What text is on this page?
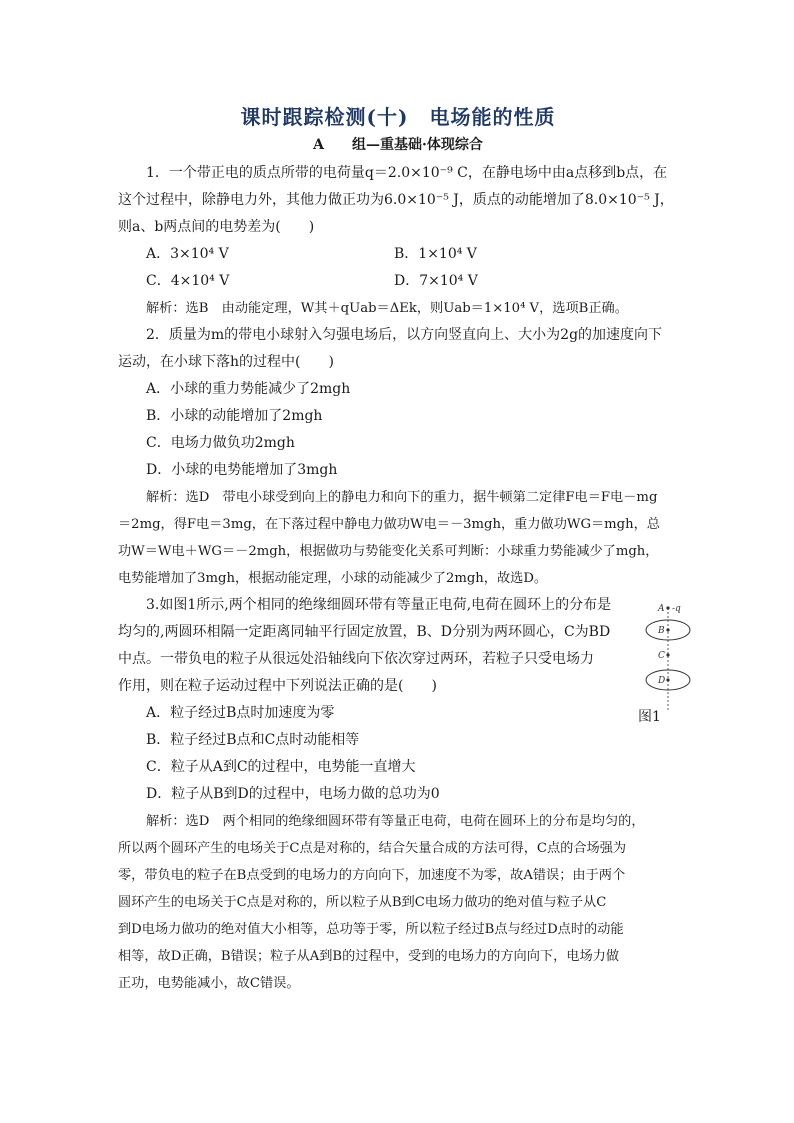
课时跟踪检测(十)　电场能的性质
A 组—重基础·体现综合
1．一个带正电的质点所带的电荷量q＝2.0×10⁻⁹ C，在静电场中由a点移到b点，在
这个过程中，除静电力外，其他力做正功为6.0×10⁻⁵ J，质点的动能增加了8.0×10⁻⁵ J，
则a、b两点间的电势差为(　　)
A．3×10⁴ V	B．1×10⁴ V
C．4×10⁴ V	D．7×10⁴ V
解析：选B　由动能定理，W其＋qUab＝ΔEk，则Uab＝1×10⁴ V，选项B正确。
2．质量为m的带电小球射入匀强电场后，以方向竖直向上、大小为2g的加速度向下
运动，在小球下落h的过程中(　　)
A．小球的重力势能减少了2mgh
B．小球的动能增加了2mgh
C．电场力做负功2mgh
D．小球的电势能增加了3mgh
解析：选D　带电小球受到向上的静电力和向下的重力，据牛顿第二定律F电＝F电－mg
＝2mg，得F电＝3mg，在下落过程中静电力做功W电＝－3mgh，重力做功WG＝mgh，总
功W＝W电＋WG＝－2mgh，根据做功与势能变化关系可判断：小球重力势能减少了mgh，
电势能增加了3mgh，根据动能定理，小球的动能减少了2mgh，故选D。
3.如图1所示,两个相同的绝缘细圆环带有等量正电荷,电荷在圆环上的分布是
均匀的,两圆环相隔一定距离同轴平行固定放置，B、D分别为两环圆心，C为BD
中点。一带负电的粒子从很远处沿轴线向下依次穿过两环，若粒子只受电场力
作用，则在粒子运动过程中下列说法正确的是(　　)
A．粒子经过B点时加速度为零
B．粒子经过B点和C点时动能相等
C．粒子从A到C的过程中，电势能一直增大
D．粒子从B到D的过程中，电场力做的总功为0
解析：选D　两个相同的绝缘细圆环带有等量正电荷，电荷在圆环上的分布是均匀的，
所以两个圆环产生的电场关于C点是对称的，结合矢量合成的方法可得，C点的合场强为
零，带负电的粒子在B点受到的电场力的方向向下，加速度不为零，故A错误；由于两个
圆环产生的电场关于C点是对称的，所以粒子从B到C电场力做功的绝对值与粒子从C
到D电场力做功的绝对值大小相等，总功等于零，所以粒子经过B点与经过D点时的动能
相等，故D正确，B错误；粒子从A到B的过程中，受到的电场力的方向向下，电场力做
正功，电势能减小，故C错误。
A -q
B
C
D
图1
